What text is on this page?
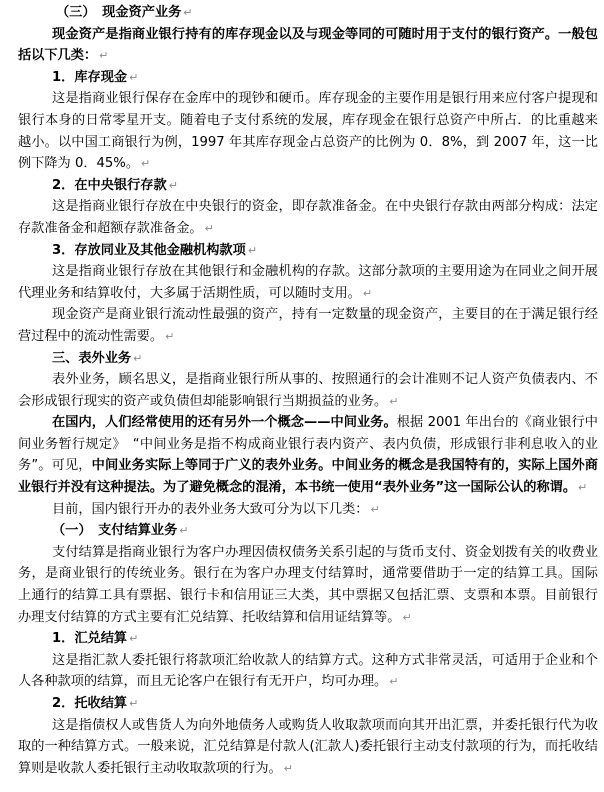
（三）　现金资产业务 ↵

现金资产是指商业银行持有的库存现金以及与现金等同的可随时用于支付的银行资产。一般包括以下几类： ↵

1．库存现金 ↵

这是指商业银行保存在金库中的现钞和硬币。库存现金的主要作用是银行用来应付客户提现和银行本身的日常零星开支。随着电子支付系统的发展，库存现金在银行总资产中所占．的比重越来越小。以中国工商银行为例，1997 年其库存现金占总资产的比例为 0．8%，到 2007 年，这一比例下降为 0．45%。 ↵

2．在中央银行存款 ↵

这是指商业银行存放在中央银行的资金，即存款准备金。在中央银行存款由两部分构成：法定存款准备金和超额存款准备金。 ↵

3．存放同业及其他金融机构款项 ↵

这是指商业银行存放在其他银行和金融机构的存款。这部分款项的主要用途为在同业之间开展代理业务和结算收付，大多属于活期性质，可以随时支用。 ↵

现金资产是商业银行流动性最强的资产，持有一定数量的现金资产，主要目的在于满足银行经营过程中的流动性需要。 ↵

三、表外业务 ↵

表外业务，顾名思义，是指商业银行所从事的、按照通行的会计准则不记人资产负债表内、不会形成银行现实的资产或负债但却能影响银行当期损益的业务。 ↵

在国内，人们经常使用的还有另外一个概念——中间业务。根据 2001 年出台的《商业银行中间业务暂行规定》　“中间业务是指不构成商业银行表内资产、表内负债，形成银行非利息收入的业务”。可见，中间业务实际上等同于广义的表外业务。中间业务的概念是我国特有的，实际上国外商业银行并没有这种提法。为了避免概念的混淆，本书统一使用“表外业务”这一国际公认的称谓。 ↵

目前，国内银行开办的表外业务大致可分为以下几类： ↵

（一）　支付结算业务 ↵

支付结算是指商业银行为客户办理因债权债务关系引起的与货币支付、资金划拨有关的收费业务，是商业银行的传统业务。银行在为客户办理支付结算时，通常要借助于一定的结算工具。国际上通行的结算工具有票据、银行卡和信用证三大类，其中票据又包括汇票、支票和本票。目前银行办理支付结算的方式主要有汇兑结算、托收结算和信用证结算等。 ↵

1．汇兑结算 ↵

这是指汇款人委托银行将款项汇给收款人的结算方式。这种方式非常灵活，可适用于企业和个人各种款项的结算，而且无论客户在银行有无开户，均可办理。 ↵

2．托收结算 ↵

这是指债权人或售货人为向外地债务人或购货人收取款项而向其开出汇票，并委托银行代为收取的一种结算方式。一般来说，汇兑结算是付款人(汇款人)委托银行主动支付款项的行为，而托收结算则是收款人委托银行主动收取款项的行为。 ↵
